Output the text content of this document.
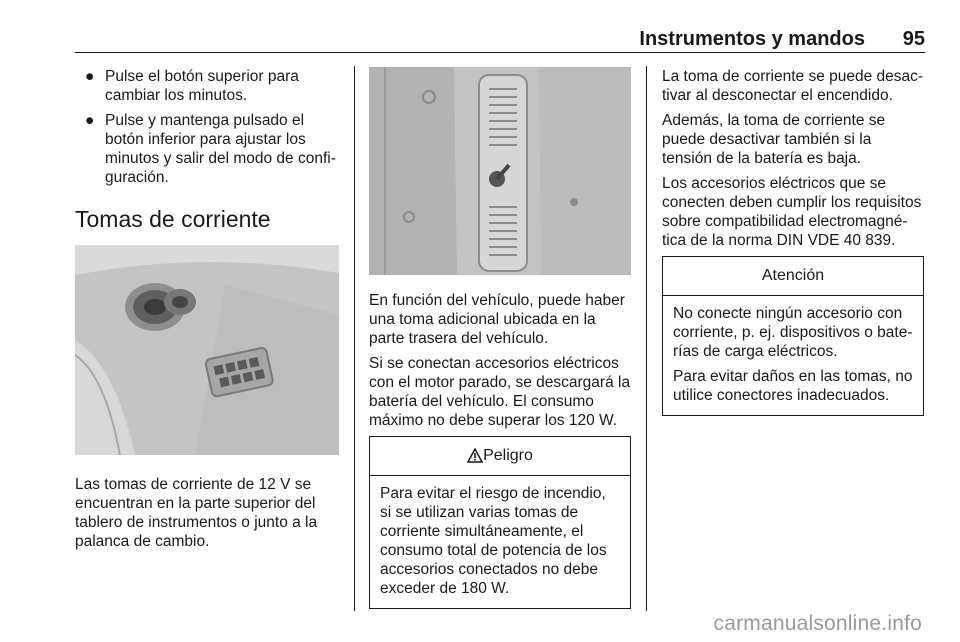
Instrumentos y mandos 95
● Pulse el botón superior para cambiar los minutos.
● Pulse y mantenga pulsado el botón inferior para ajustar los minutos y salir del modo de confi-guración.
Tomas de corriente

Las tomas de corriente de 12 V se encuentran en la parte superior del tablero de instrumentos o junto a la palanca de cambio.

En función del vehículo, puede haber una toma adicional ubicada en la parte trasera del vehículo.

Si se conectan accesorios eléctricos con el motor parado, se descargará la batería del vehículo. El consumo máximo no debe superar los 120 W.

Peligro

Para evitar el riesgo de incendio, si se utilizan varias tomas de corriente simultáneamente, el consumo total de potencia de los accesorios conectados no debe exceder de 180 W.

La toma de corriente se puede desac-tivar al desconectar el encendido.

Además, la toma de corriente se puede desactivar también si la tensión de la batería es baja.

Los accesorios eléctricos que se conecten deben cumplir los requisitos sobre compatibilidad electromagné-tica de la norma DIN VDE 40 839.

Atención

No conecte ningún accesorio con corriente, p. ej. dispositivos o bate-rías de carga eléctricos.

Para evitar daños en las tomas, no utilice conectores inadecuados.

carmanualsonline.info
